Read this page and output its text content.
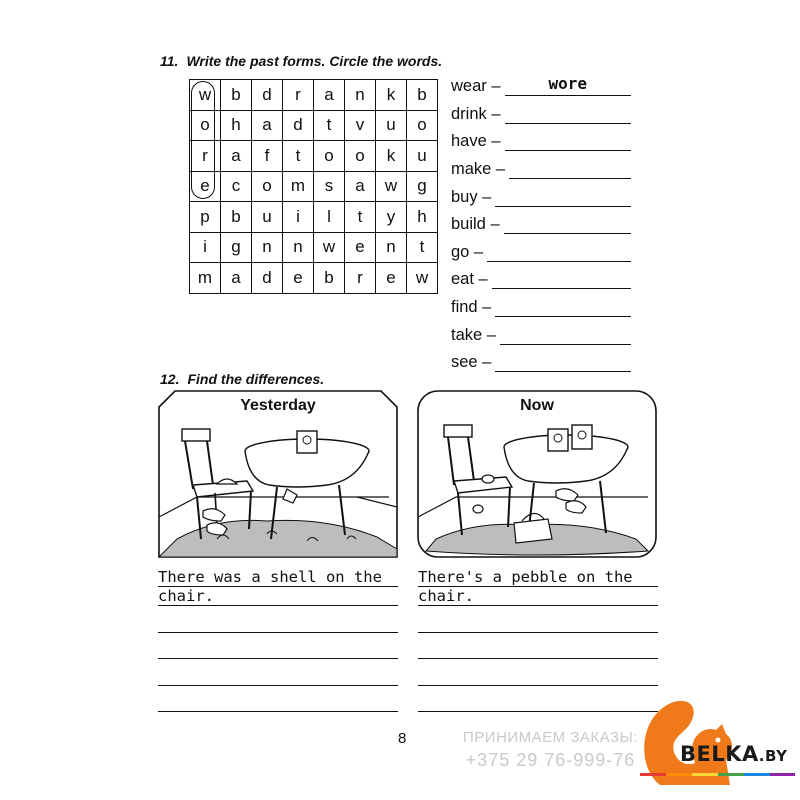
11. Write the past forms. Circle the words.
w	b	d	r	a	n	k	b
o	h	a	d	t	v	u	o
r	a	f	t	o	o	k	u
e	c	o	m	s	a	w	g
p	b	u	i	l	t	y	h
i	g	n	n	w	e	n	t
m	a	d	e	b	r	e	w
wear –	wore
drink –
have –
make –
buy –
build –
go –
eat –
find –
take –
see –
12. Find the differences.
Yesterday	Now
There was a shell on the
chair.
There's a pebble on the
chair.
8	ПРИНИМАЕМ ЗАКАЗЫ:
+375 29 76-999-76 BELKA.BY
